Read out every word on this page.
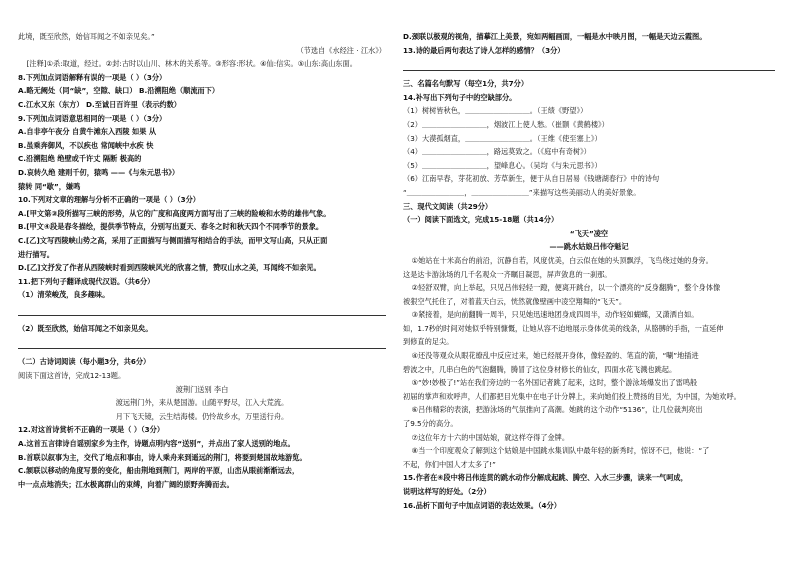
此境，既至欣然，始信耳闻之不如亲见矣。”
（节选自《水经注 · 江水》）
[注释]①杀:取道，经过。②封:古时以山川、林木的关系等。③形容:形状。④仙:信实。⑤山东:高山东面。
8.下列加点词语解释有误的一项是（ ）（3分）
A.略无阙处（同“缺”，空隙、缺口） B.沿溯阻绝（顺流而下）
C.江水又东（东方） D.至诚日百许里（表示约数）
9.下列加点词语意思相同的一项是（ ）（3分）
A.自非亭午夜分 自黄牛滩东入西陵 如果 从
B.虽乘奔御风，不以疾也 常闻峡中水疾 快
C.沿溯阻绝 绝壁或千许丈 隔断 极高的
D.哀转久绝 建则千仞，猿鸣 ——《与朱元思书》）
猿转 同“歇”，嫌鸣
10.下列对文章的理解与分析不正确的一项是（ ）（3分）
A.[甲文第③段所描写三峡的形势，从它的广度和高度两方面写出了三峡的险峻和水势的雄伟气象。
B.[甲文④段是春冬描绘，提供季节特点，分别写出夏天、春冬之时和秋天四个不同季节的景象。
C.[乙]文写西陵峡山势之高，采用了正面描写与侧面描写相结合的手法，而甲文写山高，只从正面
进行描写。
D.[乙]文抒发了作者从西陵峡时看到西陵峡风光的欣喜之情，赞叹山水之美，耳闻终不如亲见。
11.把下列句子翻译成现代汉语。（共6分）
（1）清荣峻茂，良多趣味。
（2）既至欣然，始信耳闻之不如亲见矣。
（二）古诗词阅读（每小题3分，共6分）
阅读下面这首诗，完成12-13题。
渡荆门送别 李白
渡远荆门外，来从楚国游。山随平野尽，江入大荒流。
月下飞天镜，云生结海楼。仍怜故乡水，万里送行舟。
12.对这首诗赏析不正确的一项是（ ）（3分）
A.这首五言律诗自谣别家乡为主作，诗题点明内容“送别”，并点出了家人送别的地点。
B.首联以叙事为主，交代了地点和事由，诗人乘舟来到遥远的荆门，将要到楚国故地游览。
C.颔联以移动的角度写景的变化，船由荆地到荆门，两岸的平原，山峦从眼前渐渐远去，
中一点点地消失；江水极离群山的束缚，向着广阔的原野奔腾而去。
D.颈联以极观的视角，描摹江上美景，宛如两幅画面，一幅是水中映月图，一幅是天边云霞图。
13.诗的最后两句表达了诗人怎样的感情？（3分）
三、名篇名句默写（每空1分，共7分）
14.补写出下列句子中的空缺部分。
（1）树树皆秋色，＿＿＿＿＿＿＿＿＿。（王绩《野望》）
（2）＿＿＿＿＿＿＿＿＿，烟波江上使人愁。（崔颢《黄鹤楼》）
（3）大漠孤烟直，＿＿＿＿＿＿＿＿＿。（王维《使至塞上》）
（4）＿＿＿＿＿＿＿＿＿，路远莫致之。（《庭中有奇树》）
（5）＿＿＿＿＿＿＿＿＿，望峰息心。（吴均《与朱元思书》）
（6）江南早春，芽花初放、芳草新生，便于从自日居易《钱塘湖春行》中的诗句
“＿＿＿＿＿＿＿＿，＿＿＿＿＿＿＿＿”来描写这些美丽动人的美好景象。
三、现代文阅读（共29分）
（一）阅读下面选文，完成15-18题（共14分）
“飞天”凌空
——跳水姑娘吕伟夺魁记
①她站在十米高台的前沿，沉静自若，风度优美，白云似在她的头顶飘浮，飞鸟绕过她的身旁。
这是达卡游泳场的几千名观众一齐瞩目凝思，屏声敛息的一刹那。
②轻舒双臂，向上举起，只见吕伟轻轻一蹬，便离开跳台，以一个漂亮的“反身翻腾”，整个身体像
被狠空气托住了，对着蓝天白云，恍然就像壁画中凌空翔舞的“飞天”。
③紧接着，是向前翻腾一周半，只见她迅速地团身成四周半，动作轻如蝴蝶，又潇洒自如。
如，1.7秒的时间对她似乎特别慷慨，让她从容不迫地展示身体优美的线条，从胳膊的手指，一直延伸
到修直的足尖。
④还没等观众从眼花缭乱中反应过来，她已经展开身体，像轻盈的、笔直的箭，“唰”地插进
碧波之中，几串白色的气泡翻腾，腾冒了这位身材修长的仙女，四面水花飞溅也跳起。
⑤“妙!妙极了!”站在我们旁边的一名外国记者跳了起来，这时，整个游泳场爆发出了雷鸣般
初届的掌声和欢呼声，人们都把目光集中在电子计分牌上，来向她们投上赞扬的目光，为中国，为她欢呼。
⑥吕伟精彩的表演，把游泳场的气氛推向了高潮。她跳的这个动作“5136”，让几位裁判亮出
了9.5分的高分。
⑦这位年方十六的中国姑娘，就这样夺得了金牌。
⑧当一个印度观众了解到这个姑娘是中国跳水集训队中最年轻的新秀时，惊讶不已，他说：“了
不起，你们中国人才太多了!”
15.作者在④段中将吕伟连贯的跳水动作分解成起跳、腾空、入水三步骤，读来一气呵成，
说明这样写的好处。（2分）
16.品析下面句子中加点词语的表达效果。（4分）
